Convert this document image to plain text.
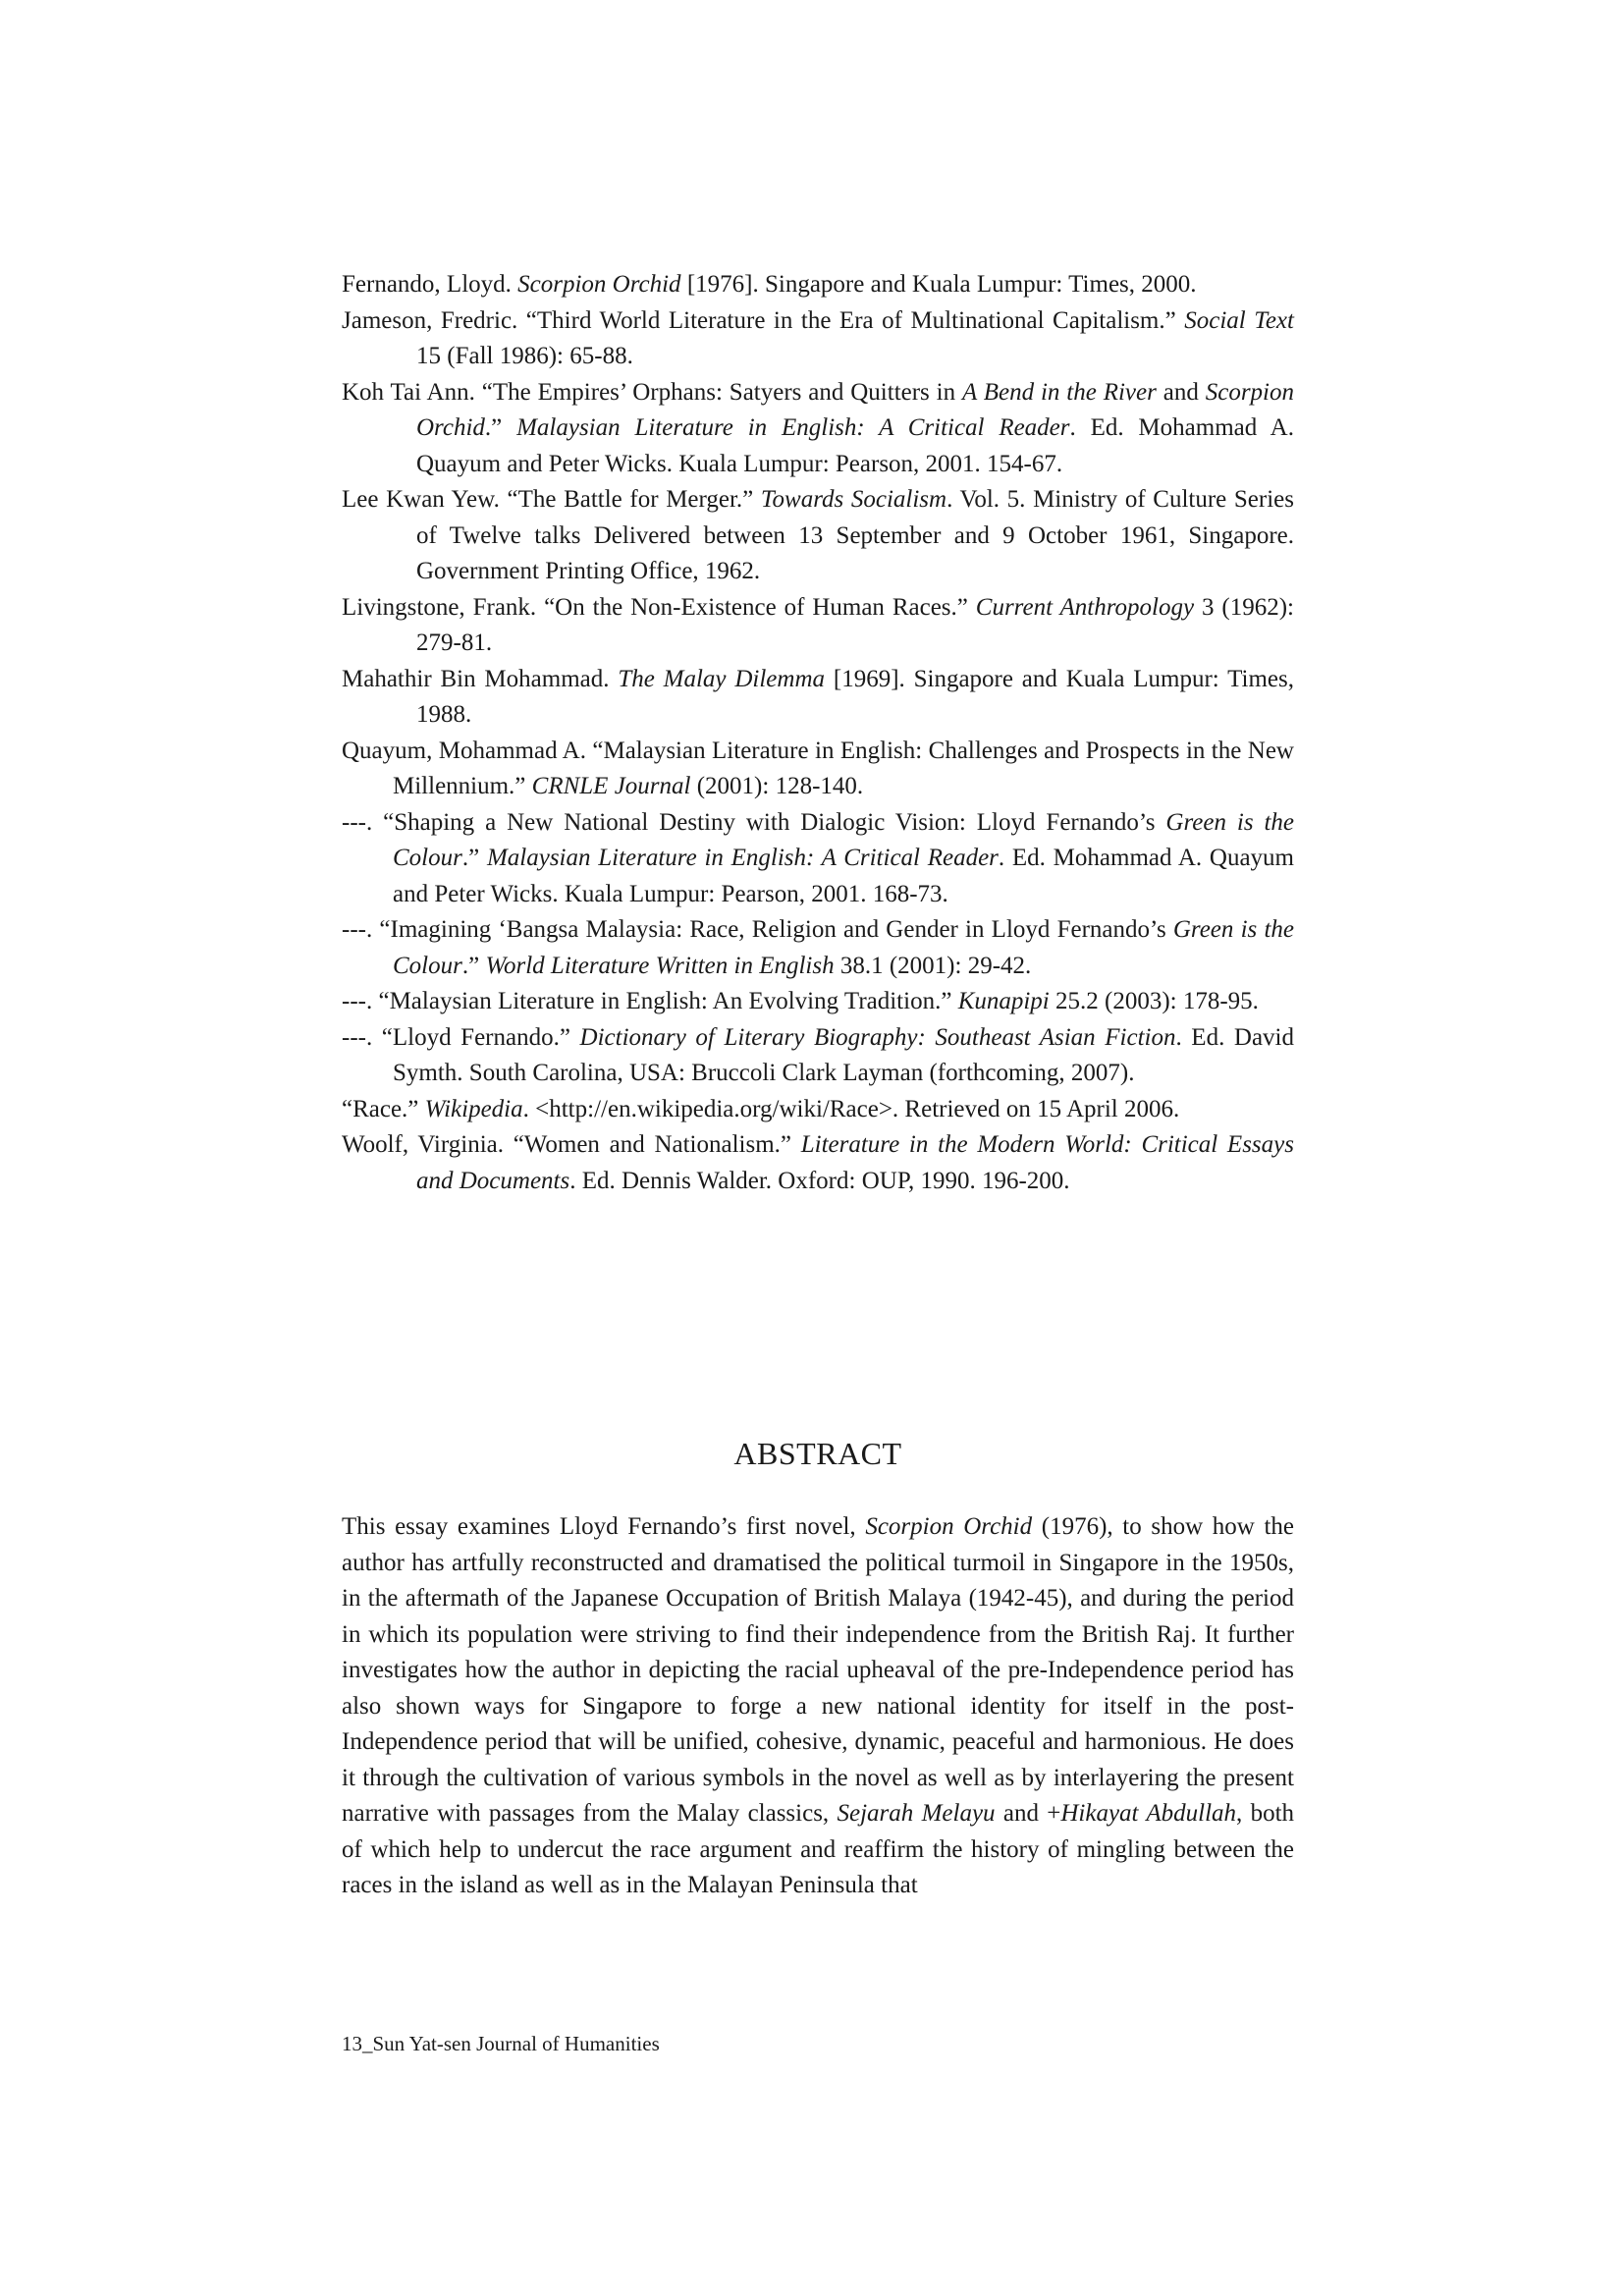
Fernando, Lloyd. Scorpion Orchid [1976]. Singapore and Kuala Lumpur: Times, 2000.

Jameson, Fredric. “Third World Literature in the Era of Multinational Capitalism.” Social Text 15 (Fall 1986): 65-88.

Koh Tai Ann. “The Empires’ Orphans: Satyers and Quitters in A Bend in the River and Scorpion Orchid.” Malaysian Literature in English: A Critical Reader. Ed. Mohammad A. Quayum and Peter Wicks. Kuala Lumpur: Pearson, 2001. 154-67.

Lee Kwan Yew. “The Battle for Merger.” Towards Socialism. Vol. 5. Ministry of Culture Series of Twelve talks Delivered between 13 September and 9 October 1961, Singapore. Government Printing Office, 1962.

Livingstone, Frank. “On the Non-Existence of Human Races.” Current Anthropology 3 (1962): 279-81.

Mahathir Bin Mohammad. The Malay Dilemma [1969]. Singapore and Kuala Lumpur: Times, 1988.

Quayum, Mohammad A. “Malaysian Literature in English: Challenges and Prospects in the New Millennium.” CRNLE Journal (2001): 128-140.

---. “Shaping a New National Destiny with Dialogic Vision: Lloyd Fernando’s Green is the Colour.” Malaysian Literature in English: A Critical Reader. Ed. Mohammad A. Quayum and Peter Wicks. Kuala Lumpur: Pearson, 2001. 168-73.

---. “Imagining ‘Bangsa Malaysia: Race, Religion and Gender in Lloyd Fernando’s Green is the Colour.” World Literature Written in English 38.1 (2001): 29-42.

---. “Malaysian Literature in English: An Evolving Tradition.” Kunapipi 25.2 (2003): 178-95.

---. “Lloyd Fernando.” Dictionary of Literary Biography: Southeast Asian Fiction. Ed. David Symth. South Carolina, USA: Bruccoli Clark Layman (forthcoming, 2007).

“Race.” Wikipedia. <http://en.wikipedia.org/wiki/Race>. Retrieved on 15 April 2006.

Woolf, Virginia. “Women and Nationalism.” Literature in the Modern World: Critical Essays and Documents. Ed. Dennis Walder. Oxford: OUP, 1990. 196-200.

ABSTRACT

This essay examines Lloyd Fernando’s first novel, Scorpion Orchid (1976), to show how the author has artfully reconstructed and dramatised the political turmoil in Singapore in the 1950s, in the aftermath of the Japanese Occupation of British Malaya (1942-45), and during the period in which its population were striving to find their independence from the British Raj. It further investigates how the author in depicting the racial upheaval of the pre-Independence period has also shown ways for Singapore to forge a new national identity for itself in the post-Independence period that will be unified, cohesive, dynamic, peaceful and harmonious. He does it through the cultivation of various symbols in the novel as well as by interlayering the present narrative with passages from the Malay classics, Sejarah Melayu and +Hikayat Abdullah, both of which help to undercut the race argument and reaffirm the history of mingling between the races in the island as well as in the Malayan Peninsula that

13_Sun Yat-sen Journal of Humanities
